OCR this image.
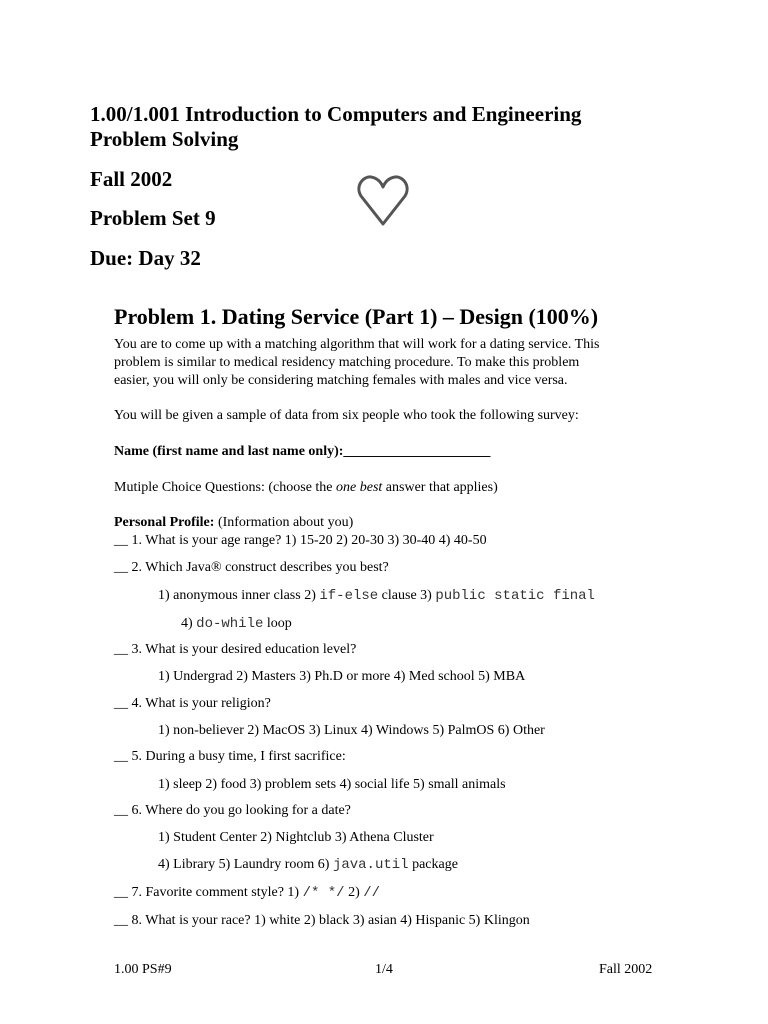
1.00/1.001 Introduction to Computers and Engineering
Problem Solving
Fall 2002
Problem Set 9
Due: Day 32
Problem 1. Dating Service (Part 1) – Design (100%)
You are to come up with a matching algorithm that will work for a dating service. This
problem is similar to medical residency matching procedure. To make this problem
easier, you will only be considering matching females with males and vice versa.
You will be given a sample of data from six people who took the following survey:
Name (first name and last name only):_____________________
Mutiple Choice Questions: (choose the one best answer that applies)
Personal Profile: (Information about you)
__ 1. What is your age range? 1) 15-20 2) 20-30 3) 30-40 4) 40-50
__ 2. Which Java® construct describes you best?
1) anonymous inner class 2) if-else clause 3) public static final
4) do-while loop
__ 3. What is your desired education level?
1) Undergrad 2) Masters 3) Ph.D or more 4) Med school 5) MBA
__ 4. What is your religion?
1) non-believer 2) MacOS 3) Linux 4) Windows 5) PalmOS 6) Other
__ 5. During a busy time, I first sacrifice:
1) sleep 2) food 3) problem sets 4) social life 5) small animals
__ 6. Where do you go looking for a date?
1) Student Center 2) Nightclub 3) Athena Cluster
4) Library 5) Laundry room 6) java.util package
__ 7. Favorite comment style? 1) /* */ 2) //
__ 8. What is your race? 1) white 2) black 3) asian 4) Hispanic 5) Klingon
1.00 PS#9	1/4	Fall 2002
